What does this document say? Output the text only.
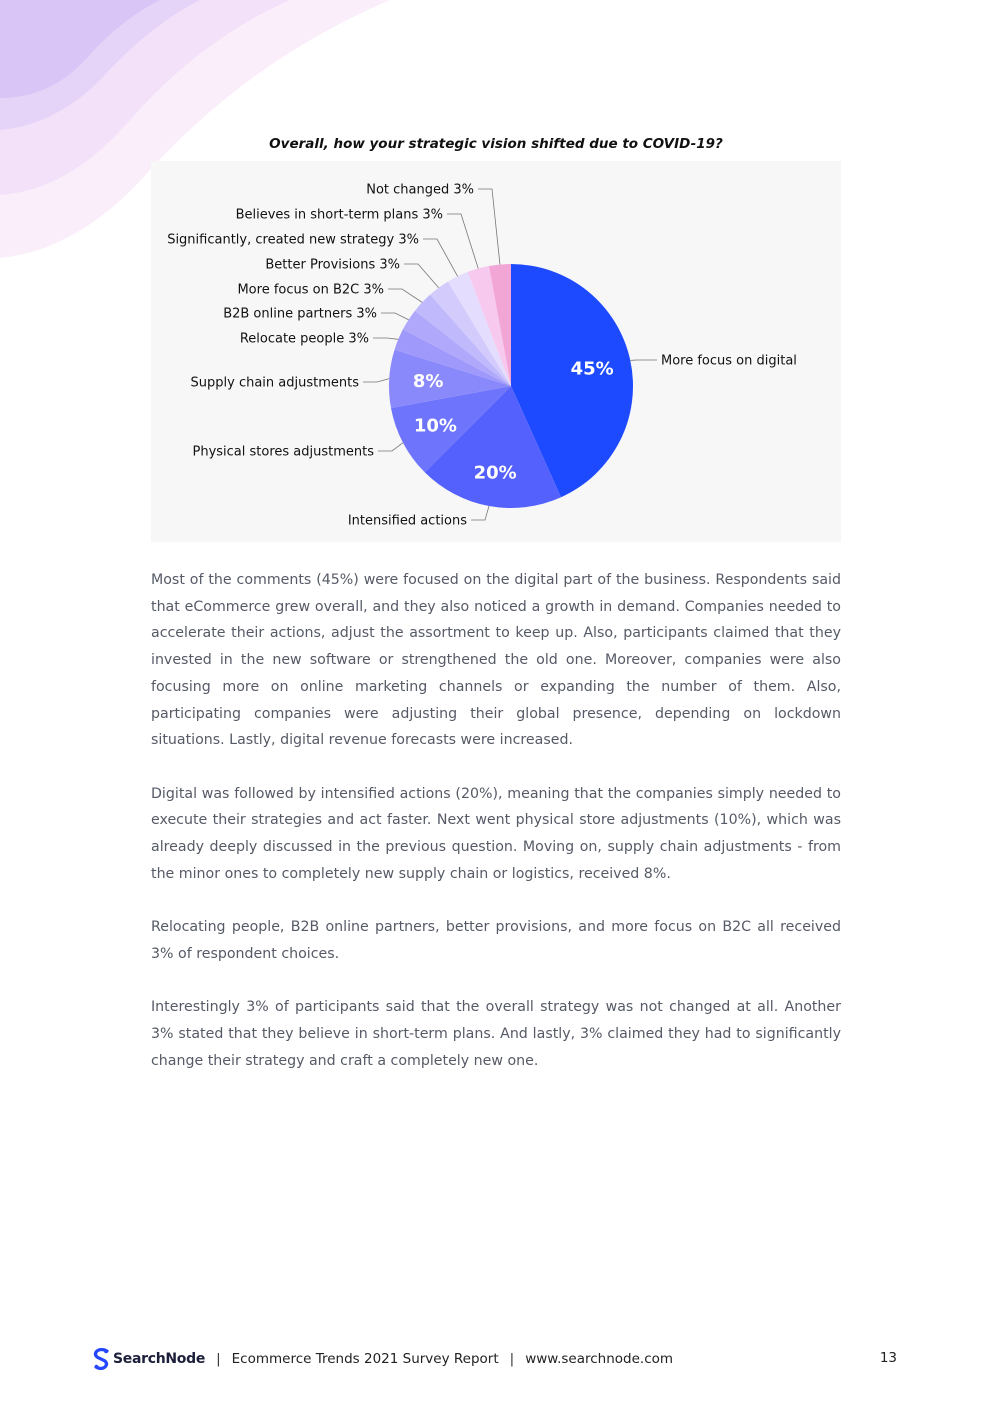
Overall, how your strategic vision shifted due to COVID-19?
45%	More focus on digital
20%
Intensified actions
10%
Physical stores adjustments
8%
Supply chain adjustments
Relocate people 3%
B2B online partners 3%
More focus on B2C 3%
Better Provisions 3%
Significantly, created new strategy 3%
Believes in short-term plans 3%
Not changed 3%

Most of the comments (45%) were focused on the digital part of the business. Respondents said that eCommerce grew overall, and they also noticed a growth in demand. Companies needed to accelerate their actions, adjust the assortment to keep up. Also, participants claimed that they invested in the new software or strengthened the old one. Moreover, companies were also focusing more on online marketing channels or expanding the number of them. Also, participating companies were adjusting their global presence, depending on lockdown situations. Lastly, digital revenue forecasts were increased.

Digital was followed by intensified actions (20%), meaning that the companies simply needed to execute their strategies and act faster. Next went physical store adjustments (10%), which was already deeply discussed in the previous question. Moving on, supply chain adjustments - from the minor ones to completely new supply chain or logistics, received 8%.

Relocating people, B2B online partners, better provisions, and more focus on B2C all received 3% of respondent choices.

Interestingly 3% of participants said that the overall strategy was not changed at all. Another 3% stated that they believe in short-term plans. And lastly, 3% claimed they had to significantly change their strategy and craft a completely new one.

SearchNode | Ecommerce Trends 2021 Survey Report | www.searchnode.com	13
